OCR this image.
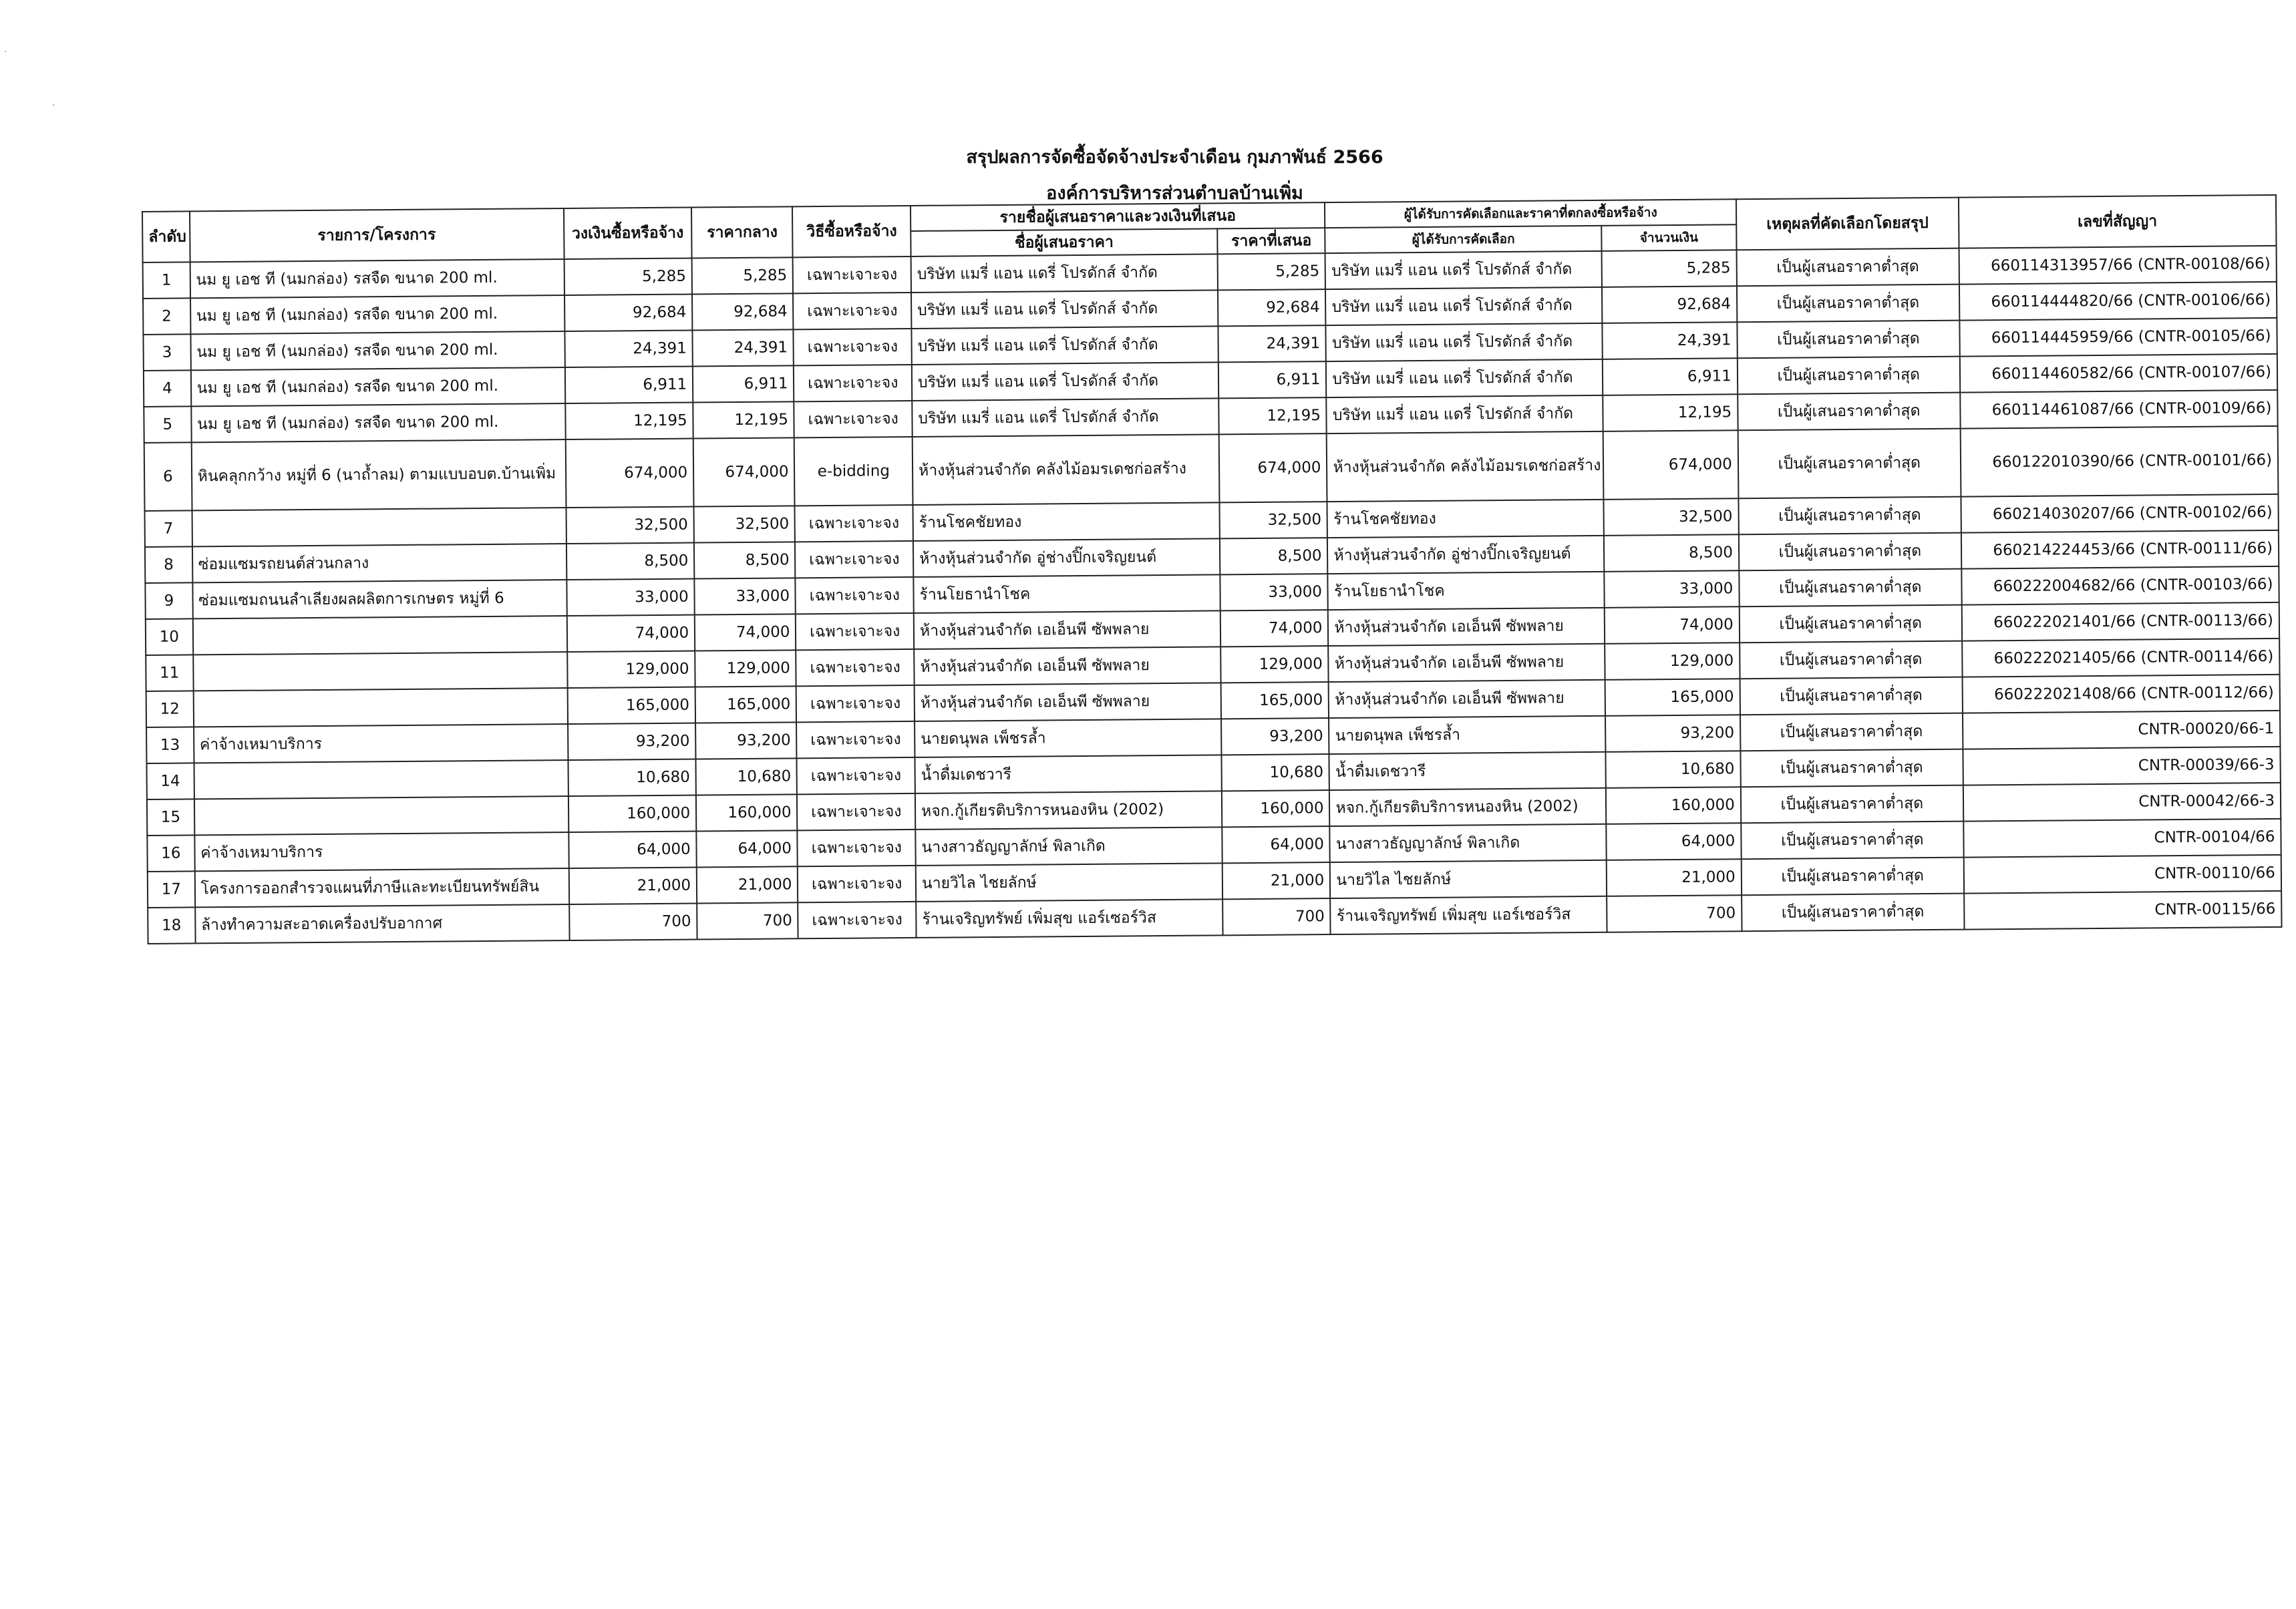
·
·
สรุปผลการจัดซื้อจัดจ้างประจำเดือน กุมภาพันธ์ 2566
องค์การบริหารส่วนตำบลบ้านเพิ่ม
ลำดับ	รายการ/โครงการ	วงเงินซื้อหรือจ้าง	ราคากลาง	วิธีซื้อหรือจ้าง	รายชื่อผู้เสนอราคาและวงเงินที่เสนอ		ผู้ได้รับการคัดเลือกและราคาที่ตกลงซื้อหรือจ้าง		เหตุผลที่คัดเลือกโดยสรุป	เลขที่สัญญา
					ชื่อผู้เสนอราคา	ราคาที่เสนอ	ผู้ได้รับการคัดเลือก	จำนวนเงิน		
1	นม ยู เอช ที (นมกล่อง) รสจืด ขนาด 200 ml.	5,285	5,285	เฉพาะเจาะจง	บริษัท แมรี่ แอน แดรี่ โปรดักส์ จำกัด	5,285	บริษัท แมรี่ แอน แดรี่ โปรดักส์ จำกัด	5,285	เป็นผู้เสนอราคาต่ำสุด	660114313957/66 (CNTR-00108/66)
2	นม ยู เอช ที (นมกล่อง) รสจืด ขนาด 200 ml.	92,684	92,684	เฉพาะเจาะจง	บริษัท แมรี่ แอน แดรี่ โปรดักส์ จำกัด	92,684	บริษัท แมรี่ แอน แดรี่ โปรดักส์ จำกัด	92,684	เป็นผู้เสนอราคาต่ำสุด	660114444820/66 (CNTR-00106/66)
3	นม ยู เอช ที (นมกล่อง) รสจืด ขนาด 200 ml.	24,391	24,391	เฉพาะเจาะจง	บริษัท แมรี่ แอน แดรี่ โปรดักส์ จำกัด	24,391	บริษัท แมรี่ แอน แดรี่ โปรดักส์ จำกัด	24,391	เป็นผู้เสนอราคาต่ำสุด	660114445959/66 (CNTR-00105/66)
4	นม ยู เอช ที (นมกล่อง) รสจืด ขนาด 200 ml.	6,911	6,911	เฉพาะเจาะจง	บริษัท แมรี่ แอน แดรี่ โปรดักส์ จำกัด	6,911	บริษัท แมรี่ แอน แดรี่ โปรดักส์ จำกัด	6,911	เป็นผู้เสนอราคาต่ำสุด	660114460582/66 (CNTR-00107/66)
5	นม ยู เอช ที (นมกล่อง) รสจืด ขนาด 200 ml.	12,195	12,195	เฉพาะเจาะจง	บริษัท แมรี่ แอน แดรี่ โปรดักส์ จำกัด	12,195	บริษัท แมรี่ แอน แดรี่ โปรดักส์ จำกัด	12,195	เป็นผู้เสนอราคาต่ำสุด	660114461087/66 (CNTR-00109/66)
6	หินคลุกกว้าง หมู่ที่ 6 (นาถ้ำลม) ตามแบบอบต.บ้านเพิ่ม	674,000	674,000	e-bidding	ห้างหุ้นส่วนจำกัด คลังไม้อมรเดชก่อสร้าง	674,000	ห้างหุ้นส่วนจำกัด คลังไม้อมรเดชก่อสร้าง	674,000	เป็นผู้เสนอราคาต่ำสุด	660122010390/66 (CNTR-00101/66)
7		32,500	32,500	เฉพาะเจาะจง	ร้านโชคชัยทอง	32,500	ร้านโชคชัยทอง	32,500	เป็นผู้เสนอราคาต่ำสุด	660214030207/66 (CNTR-00102/66)
8	ซ่อมแซมรถยนต์ส่วนกลาง	8,500	8,500	เฉพาะเจาะจง	ห้างหุ้นส่วนจำกัด อู่ช่างปิ๊กเจริญยนต์	8,500	ห้างหุ้นส่วนจำกัด อู่ช่างปิ๊กเจริญยนต์	8,500	เป็นผู้เสนอราคาต่ำสุด	660214224453/66 (CNTR-00111/66)
9	ซ่อมแซมถนนลำเลียงผลผลิตการเกษตร หมู่ที่ 6	33,000	33,000	เฉพาะเจาะจง	ร้านโยธานำโชค	33,000	ร้านโยธานำโชค	33,000	เป็นผู้เสนอราคาต่ำสุด	660222004682/66 (CNTR-00103/66)
10		74,000	74,000	เฉพาะเจาะจง	ห้างหุ้นส่วนจำกัด เอเอ็นพี ซัพพลาย	74,000	ห้างหุ้นส่วนจำกัด เอเอ็นพี ซัพพลาย	74,000	เป็นผู้เสนอราคาต่ำสุด	660222021401/66 (CNTR-00113/66)
11		129,000	129,000	เฉพาะเจาะจง	ห้างหุ้นส่วนจำกัด เอเอ็นพี ซัพพลาย	129,000	ห้างหุ้นส่วนจำกัด เอเอ็นพี ซัพพลาย	129,000	เป็นผู้เสนอราคาต่ำสุด	660222021405/66 (CNTR-00114/66)
12		165,000	165,000	เฉพาะเจาะจง	ห้างหุ้นส่วนจำกัด เอเอ็นพี ซัพพลาย	165,000	ห้างหุ้นส่วนจำกัด เอเอ็นพี ซัพพลาย	165,000	เป็นผู้เสนอราคาต่ำสุด	660222021408/66 (CNTR-00112/66)
13	ค่าจ้างเหมาบริการ	93,200	93,200	เฉพาะเจาะจง	นายดนุพล เพ็ชรล้ำ	93,200	นายดนุพล เพ็ชรล้ำ	93,200	เป็นผู้เสนอราคาต่ำสุด	CNTR-00020/66-1
14		10,680	10,680	เฉพาะเจาะจง	น้ำดื่มเดชวารี	10,680	น้ำดื่มเดชวารี	10,680	เป็นผู้เสนอราคาต่ำสุด	CNTR-00039/66-3
15		160,000	160,000	เฉพาะเจาะจง	หจก.กู้เกียรติบริการหนองหิน (2002)	160,000	หจก.กู้เกียรติบริการหนองหิน (2002)	160,000	เป็นผู้เสนอราคาต่ำสุด	CNTR-00042/66-3
16	ค่าจ้างเหมาบริการ	64,000	64,000	เฉพาะเจาะจง	นางสาวธัญญาลักษ์ พิลาเกิด	64,000	นางสาวธัญญาลักษ์ พิลาเกิด	64,000	เป็นผู้เสนอราคาต่ำสุด	CNTR-00104/66
17	โครงการออกสำรวจแผนที่ภาษีและทะเบียนทรัพย์สิน	21,000	21,000	เฉพาะเจาะจง	นายวิไล ไชยลักษ์	21,000	นายวิไล ไชยลักษ์	21,000	เป็นผู้เสนอราคาต่ำสุด	CNTR-00110/66
18	ล้างทำความสะอาดเครื่องปรับอากาศ	700	700	เฉพาะเจาะจง	ร้านเจริญทรัพย์ เพิ่มสุข แอร์เซอร์วิส	700	ร้านเจริญทรัพย์ เพิ่มสุข แอร์เซอร์วิส	700	เป็นผู้เสนอราคาต่ำสุด	CNTR-00115/66
